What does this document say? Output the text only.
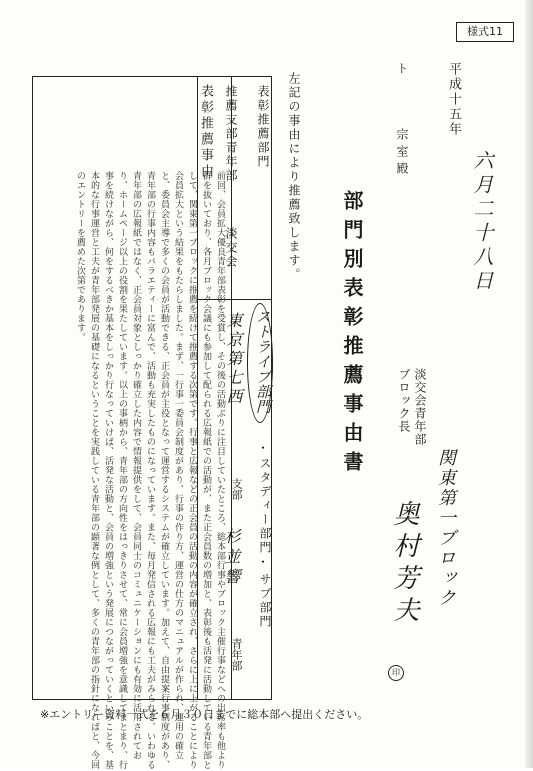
様式11
平成十五年
六月二十八日
ト
宗室殿
部門別表彰推薦事由書	淡交会青年部
関東第一ブロック
ブロック長
奥村芳夫
印
左記の事由により推薦致します。
表彰推薦部門
ストライプ部門
・
スタディー部門
・
サブ部門
推薦支部青年部
淡交会
前回、会員拡大優良青年部表彰を受賞し、その後の活動ぶりに注目していたところ、総本部行事やブロック主催行事などへの出席率も他より群を抜いており、各月ブロック会議にも参加して配られる広報紙での活動が、また正会員数の増加と、表彰後も活発に活動している青年部として、関東第一ブロックに推薦を続けて推薦する次第です。行事と広報などの正会員の活動の内容が確立され、さらに上に上がることにより会員拡大という結果をもたらしました。まず、一行事一委員会制度があり、行事の作り方、運営の仕方のマニュアルが作られ、運用の確立と、委員会主導で多くの会員が活動できる、正会員が主役となって運営するシステムが確立しています。加えて、自由提案行事制度があり、青年部の行事内容もバラエティーに富んで、活動も充実したものになっています。また、毎月発信される広報にも工夫がみられる。いわゆる青年部の広報紙ではなく、正会員対象としっかり確立した内容で情報提供をして、会員同士のコミュニケーションにも有効に活用されており、ホームページ以上の役割を果たしています。以上の事柄から、青年部の方向性をはっきりさせて、常に会員増強を意識してまとまり、行事を続けながら、何をするべきか基本をしっかり行なっていけば、活発な活動と、会員の増強という発展につながっていくということを、基本的な行事運営と工夫が青年部発展の基礎になるということを実践している青年部の顕著な例として、多くの青年部の指針になればと、今回のエントリーを薦めた次第であります。
表彰推薦事由
東京第七西
支部
杉並響
青年部
※エントリー資料一式を６月３０日までに総本部へ提出ください。
